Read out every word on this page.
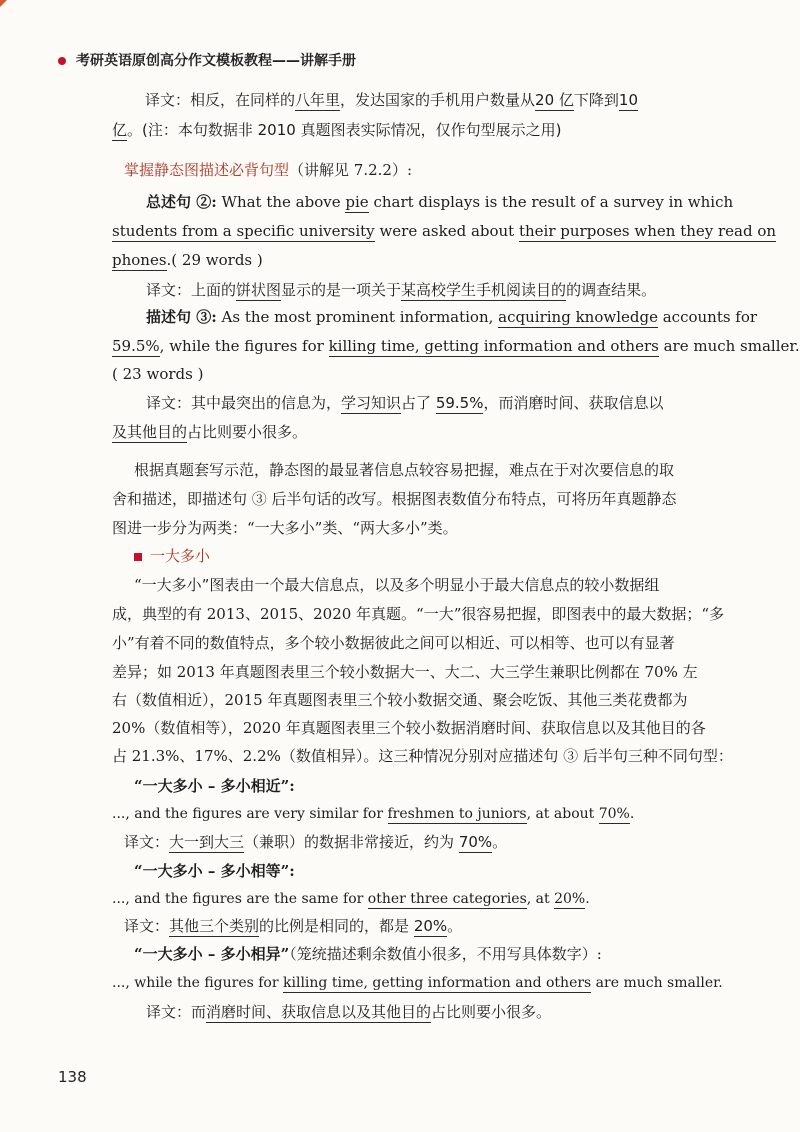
考研英语原创高分作文模板教程——讲解手册
译文：相反，在同样的八年里，发达国家的手机用户数量从20 亿下降到10
亿。(注：本句数据非 2010 真题图表实际情况，仅作句型展示之用)
掌握静态图描述必背句型（讲解见 7.2.2）:
总述句 ②: What the above pie chart displays is the result of a survey in which
students from a specific university were asked about their purposes when they read on
phones.( 29 words )
译文：上面的饼状图显示的是一项关于某高校学生手机阅读目的的调查结果。
描述句 ③: As the most prominent information, acquiring knowledge accounts for
59.5%, while the figures for killing time, getting information and others are much smaller.
( 23 words )
译文：其中最突出的信息为，学习知识占了 59.5%，而消磨时间、获取信息以
及其他目的占比则要小很多。
根据真题套写示范，静态图的最显著信息点较容易把握，难点在于对次要信息的取
舍和描述，即描述句 ③ 后半句话的改写。根据图表数值分布特点，可将历年真题静态
图进一步分为两类：“一大多小”类、“两大多小”类。
一大多小
“一大多小”图表由一个最大信息点，以及多个明显小于最大信息点的较小数据组
成，典型的有 2013、2015、2020 年真题。“一大”很容易把握，即图表中的最大数据；“多
小”有着不同的数值特点，多个较小数据彼此之间可以相近、可以相等、也可以有显著
差异；如 2013 年真题图表里三个较小数据大一、大二、大三学生兼职比例都在 70% 左
右（数值相近），2015 年真题图表里三个较小数据交通、聚会吃饭、其他三类花费都为
20%（数值相等），2020 年真题图表里三个较小数据消磨时间、获取信息以及其他目的各
占 21.3%、17%、2.2%（数值相异）。这三种情况分别对应描述句 ③ 后半句三种不同句型：
“一大多小 – 多小相近”:
..., and the figures are very similar for freshmen to juniors, at about 70%.
译文：大一到大三（兼职）的数据非常接近，约为 70%。
“一大多小 – 多小相等”:
..., and the figures are the same for other three categories, at 20%.
译文：其他三个类别的比例是相同的，都是 20%。
“一大多小 – 多小相异”（笼统描述剩余数值小很多，不用写具体数字）:
..., while the figures for killing time, getting information and others are much smaller.
译文：而消磨时间、获取信息以及其他目的占比则要小很多。
138
